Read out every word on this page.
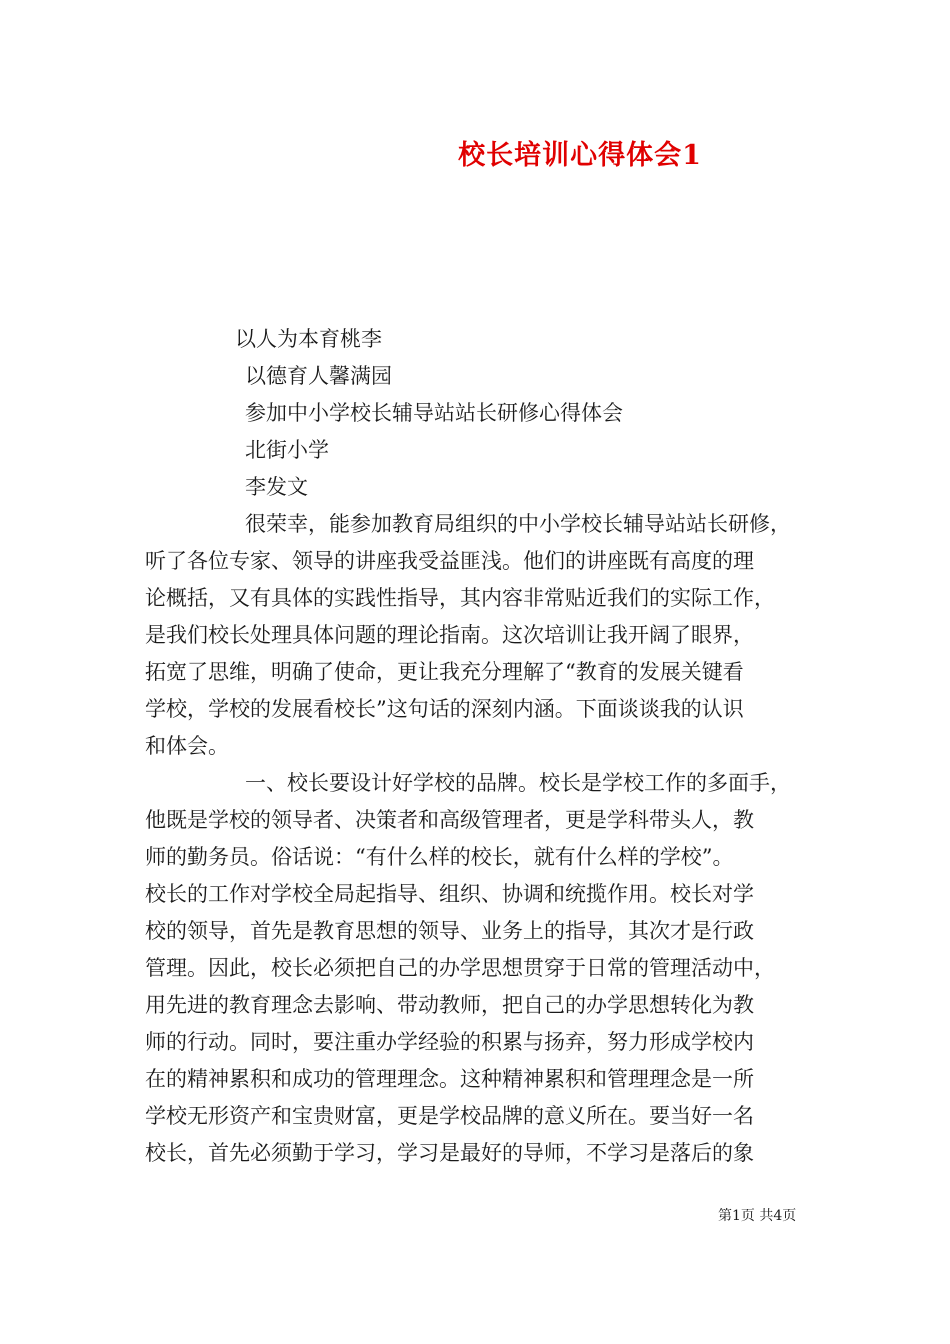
校长培训心得体会1
以人为本育桃李
以德育人馨满园
参加中小学校长辅导站站长研修心得体会
北街小学
李发文
很荣幸，能参加教育局组织的中小学校长辅导站站长研修，
听了各位专家、领导的讲座我受益匪浅。他们的讲座既有高度的理
论概括，又有具体的实践性指导，其内容非常贴近我们的实际工作，
是我们校长处理具体问题的理论指南。这次培训让我开阔了眼界，
拓宽了思维，明确了使命，更让我充分理解了“教育的发展关键看
学校，学校的发展看校长”这句话的深刻内涵。下面谈谈我的认识
和体会。
一、校长要设计好学校的品牌。校长是学校工作的多面手，
他既是学校的领导者、决策者和高级管理者，更是学科带头人，教
师的勤务员。俗话说：“有什么样的校长，就有什么样的学校”。
校长的工作对学校全局起指导、组织、协调和统揽作用。校长对学
校的领导，首先是教育思想的领导、业务上的指导，其次才是行政
管理。因此，校长必须把自己的办学思想贯穿于日常的管理活动中，
用先进的教育理念去影响、带动教师，把自己的办学思想转化为教
师的行动。同时，要注重办学经验的积累与扬弃，努力形成学校内
在的精神累积和成功的管理理念。这种精神累积和管理理念是一所
学校无形资产和宝贵财富，更是学校品牌的意义所在。要当好一名
校长，首先必须勤于学习，学习是最好的导师，不学习是落后的象
第1页 共4页
